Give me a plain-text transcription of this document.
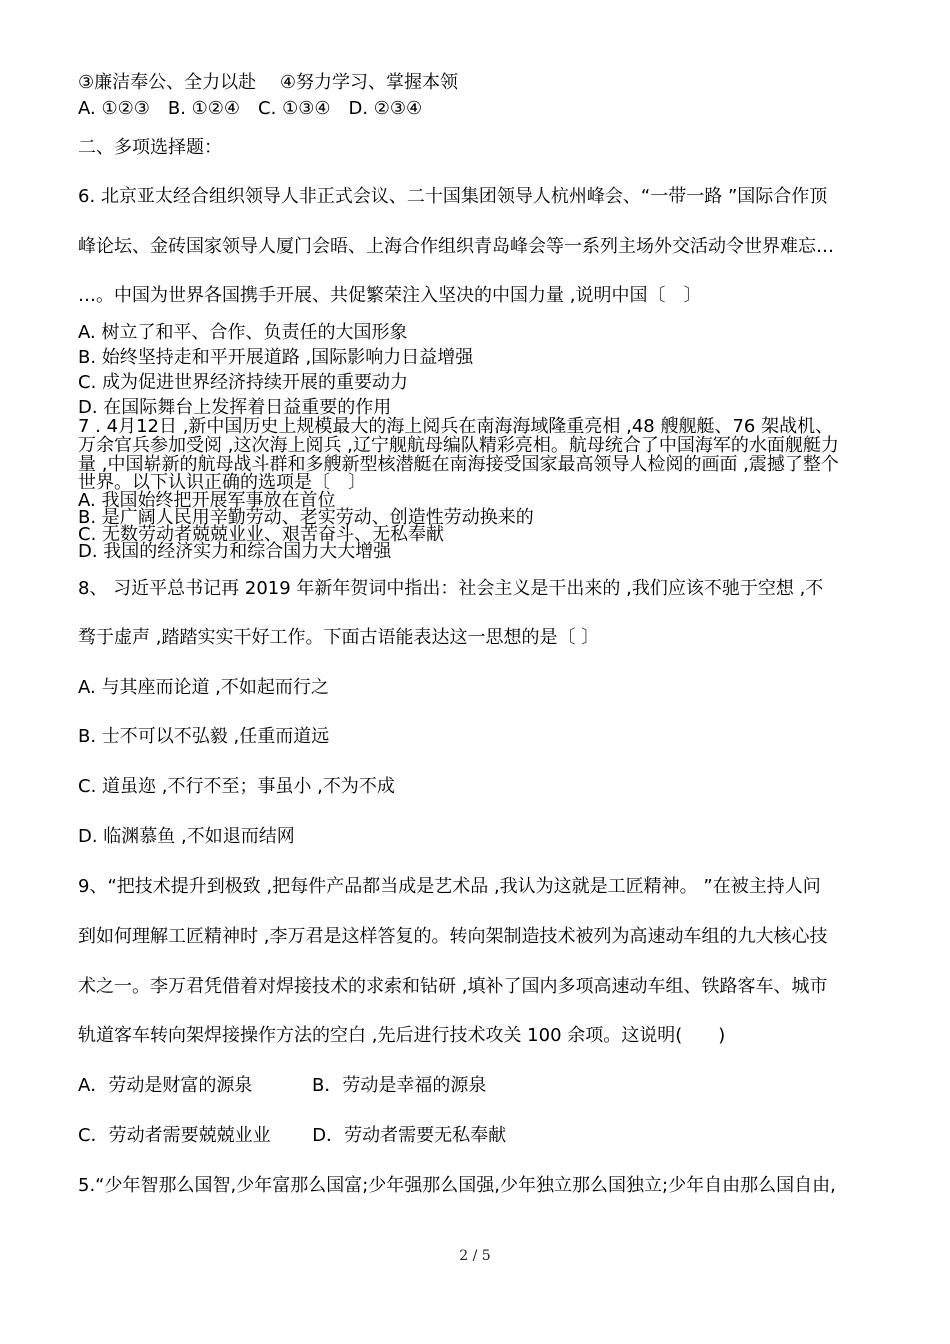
③廉洁奉公、全力以赴　 ④努力学习、掌握本领
A. ①②③　B. ①②④　C. ①③④　D. ②③④
二、多项选择题：
6. 北京亚太经合组织领导人非正式会议、二十国集团领导人杭州峰会、“一带一路 ”国际合作顶
峰论坛、金砖国家领导人厦门会晤、上海合作组织青岛峰会等一系列主场外交活动令世界难忘…
…。中国为世界各国携手开展、共促繁荣注入坚决的中国力量 ,说明中国〔　〕
A. 树立了和平、合作、负责任的大国形象
B. 始终坚持走和平开展道路 ,国际影响力日益增强
C. 成为促进世界经济持续开展的重要动力
D. 在国际舞台上发挥着日益重要的作用
7 . 4月12日 ,新中国历史上规模最大的海上阅兵在南海海域隆重亮相 ,48 艘舰艇、76 架战机、
万余官兵参加受阅 ,这次海上阅兵 ,辽宁舰航母编队精彩亮相。航母统合了中国海军的水面舰艇力
量 ,中国崭新的航母战斗群和多艘新型核潜艇在南海接受国家最高领导人检阅的画面 ,震撼了整个
世界。以下认识正确的选项是〔　〕
A. 我国始终把开展军事放在首位
B. 是广阔人民用辛勤劳动、老实劳动、创造性劳动换来的
C. 无数劳动者兢兢业业、艰苦奋斗、无私奉献
D. 我国的经济实力和综合国力大大增强
8、 习近平总书记再 2019 年新年贺词中指出：社会主义是干出来的 ,我们应该不驰于空想 ,不
骛于虚声 ,踏踏实实干好工作。下面古语能表达这一思想的是〔 〕
A. 与其座而论道 ,不如起而行之
B. 士不可以不弘毅 ,任重而道远
C. 道虽迩 ,不行不至；事虽小 ,不为不成
D. 临渊慕鱼 ,不如退而结网
9、“把技术提升到极致 ,把每件产品都当成是艺术品 ,我认为这就是工匠精神。 ”在被主持人问
到如何理解工匠精神时 ,李万君是这样答复的。转向架制造技术被列为高速动车组的九大核心技
术之一。李万君凭借着对焊接技术的求索和钻研 ,填补了国内多项高速动车组、铁路客车、城市
轨道客车转向架焊接操作方法的空白 ,先后进行技术攻关 100 余项。这说明(　　)
A．劳动是财富的源泉　　　 B．劳动是幸福的源泉
C．劳动者需要兢兢业业　　 D．劳动者需要无私奉献
5.“少年智那么国智,少年富那么国富;少年强那么国强,少年独立那么国独立;少年自由那么国自由,
2 / 5
